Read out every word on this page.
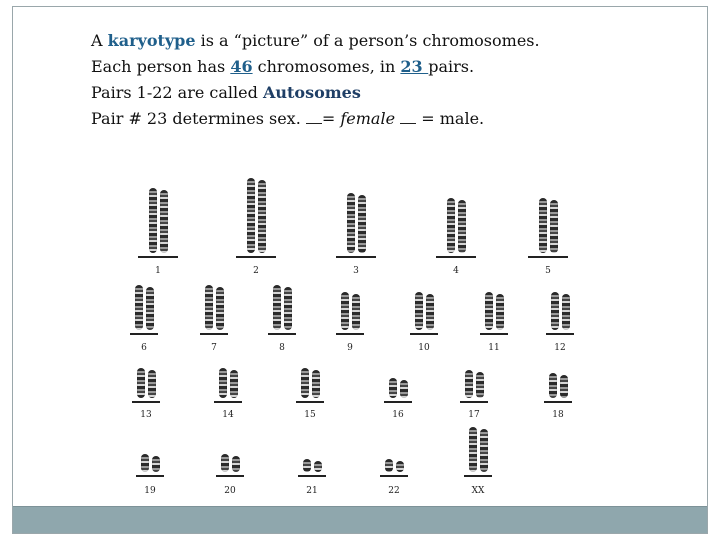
A karyotype is a “picture” of a person’s chromosomes.
Each person has 46 chromosomes, in 23 pairs.
Pairs 1-22 are called Autosomes
Pair # 23 determines sex. = female = male.
1	2	3	4	5
6	7	8	9	10	11	12
13	14	15	16	17	18
19	20	21	22	XX
